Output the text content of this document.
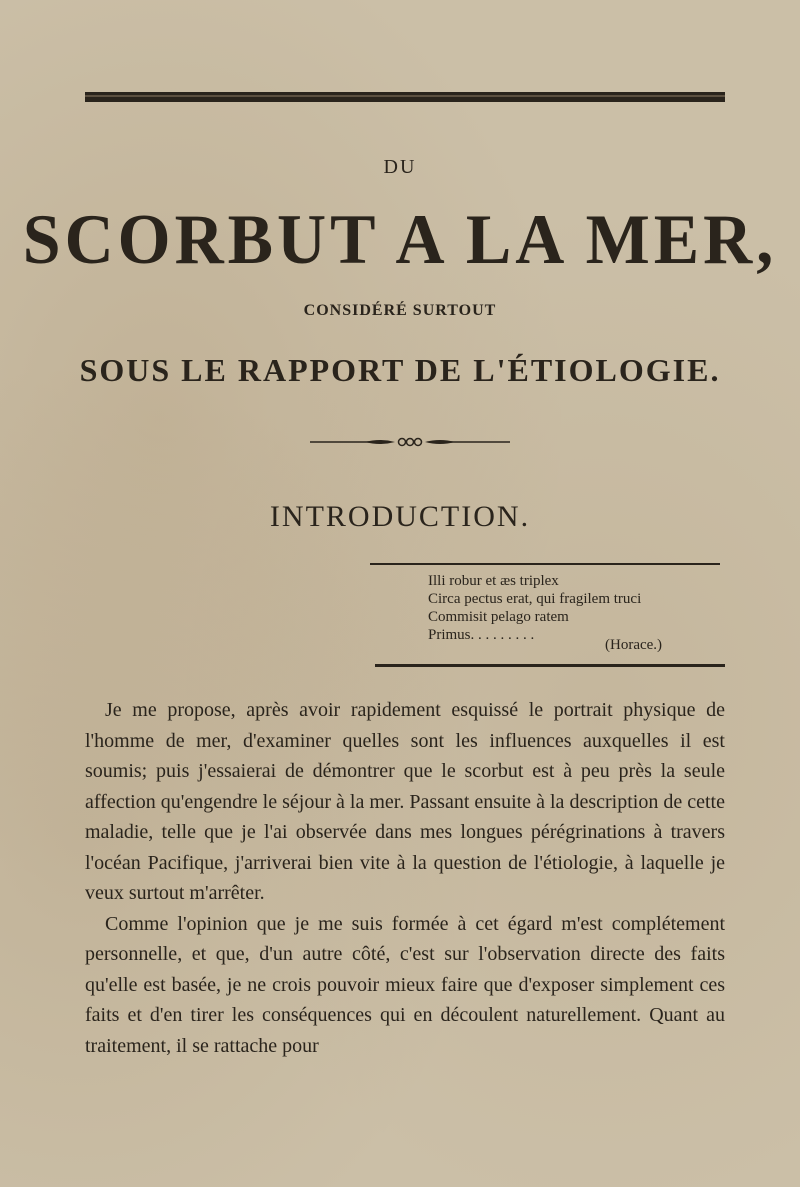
DU
SCORBUT A LA MER,
CONSIDÉRÉ SURTOUT
SOUS LE RAPPORT DE L'ÉTIOLOGIE.
INTRODUCTION.
Illi robur et æs triplex
Circa pectus erat, qui fragilem truci
Commisit pelago ratem
Primus. . . . . . . . .
(Horace.)

Je me propose, après avoir rapidement esquissé le portrait physique de l'homme de mer, d'examiner quelles sont les influences auxquelles il est soumis; puis j'essaierai de démontrer que le scorbut est à peu près la seule affection qu'engendre le séjour à la mer. Passant ensuite à la description de cette maladie, telle que je l'ai observée dans mes longues pérégrinations à travers l'océan Pacifique, j'arriverai bien vite à la question de l'étiologie, à laquelle je veux surtout m'arrêter.

Comme l'opinion que je me suis formée à cet égard m'est complétement personnelle, et que, d'un autre côté, c'est sur l'observation directe des faits qu'elle est basée, je ne crois pouvoir mieux faire que d'exposer simplement ces faits et d'en tirer les conséquences qui en découlent naturellement. Quant au traitement, il se rattache pour
